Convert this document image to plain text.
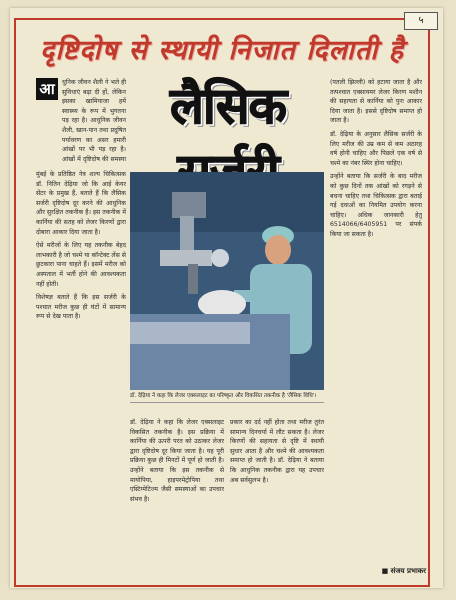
५
दृष्टिदोष से स्थायी निजात दिलाती है
आ	धुनिक जीवन शैली ने भले ही सुविधाएं बढ़ा दी हों, लेकिन इसका खामियाजा हमें स्वास्थ्य के रूप में भुगतना पड़ रहा है। आधुनिक जीवन शैली, खान-पान तथा प्रदूषित पर्यावरण का असर हमारी आंखों पर भी पड़ रहा है। आंखों में दृष्टिदोष की समस्या
लैसिक

मुंबई के प्रतिष्ठित नेत्र शल्य चिकित्सक डॉ. नितिन देढ़िया जो कि आई केयर सेंटर के प्रमुख हैं, बताते हैं कि लैसिक सर्जरी दृष्टिदोष दूर करने की आधुनिक और सुरक्षित तकनीक है। इस तकनीक में कार्निया की सतह को लेजर किरणों द्वारा दोबारा आकार दिया जाता है।

ऐसे मरीजों के लिए यह तकनीक बेहद लाभकारी है जो चश्मे या कॉन्टेक्ट लेंस से छुटकारा पाना चाहते हैं। इसमें मरीज को अस्पताल में भर्ती होने की आवश्यकता नहीं होती।

विशेषज्ञ बताते हैं कि इस सर्जरी के पश्चात मरीज कुछ ही घंटों में सामान्य रूप से देख पाता है।

डॉ. देढ़िया ने कहा कि लेजर एक्सलाइट का परिष्कृत और विकसित तकनीक है 'लैसिक विधि'।
डॉ. देढ़िया ने कहा कि लेजर एक्सलाइट विकसित तकनीक है। इस प्रक्रिया में कार्निया की ऊपरी परत को उठाकर लेजर द्वारा दृष्टिदोष दूर किया जाता है। यह पूरी प्रक्रिया कुछ ही मिनटों में पूर्ण हो जाती है। उन्होंने बताया कि इस तकनीक से मायोपिया, हाइपरमेट्रोपिया तथा एस्टिग्मेटिज्म जैसी समस्याओं का उपचार संभव है।
प्रकार का दर्द नहीं होता तथा मरीज तुरंत सामान्य दिनचर्या में लौट सकता है। लेजर किरणों की सहायता से दृष्टि में स्थायी सुधार आता है और चश्मे की आवश्यकता समाप्त हो जाती है। डॉ. देढ़िया ने बताया कि आधुनिक तकनीक द्वारा यह उपचार अब सर्वसुलभ है।

(पतली झिल्ली) को हटाया जाता है और तत्पश्चात एक्सायमर लेजर किरण मशीन की सहायता से कार्निया को पुनः आकार दिया जाता है। इससे दृष्टिदोष समाप्त हो जाता है।

डॉ. देढ़िया के अनुसार लैसिक सर्जरी के लिए मरीज की उम्र कम से कम अठारह वर्ष होनी चाहिए और पिछले एक वर्ष से चश्मे का नंबर स्थिर होना चाहिए।

उन्होंने बताया कि सर्जरी के बाद मरीज को कुछ दिनों तक आंखों को रगड़ने से बचना चाहिए तथा चिकित्सक द्वारा बताई गई दवाओं का नियमित उपयोग करना चाहिए। अधिक जानकारी हेतु 6514066/6405951 पर संपर्क किया जा सकता है।

■ संजय प्रभाकर
